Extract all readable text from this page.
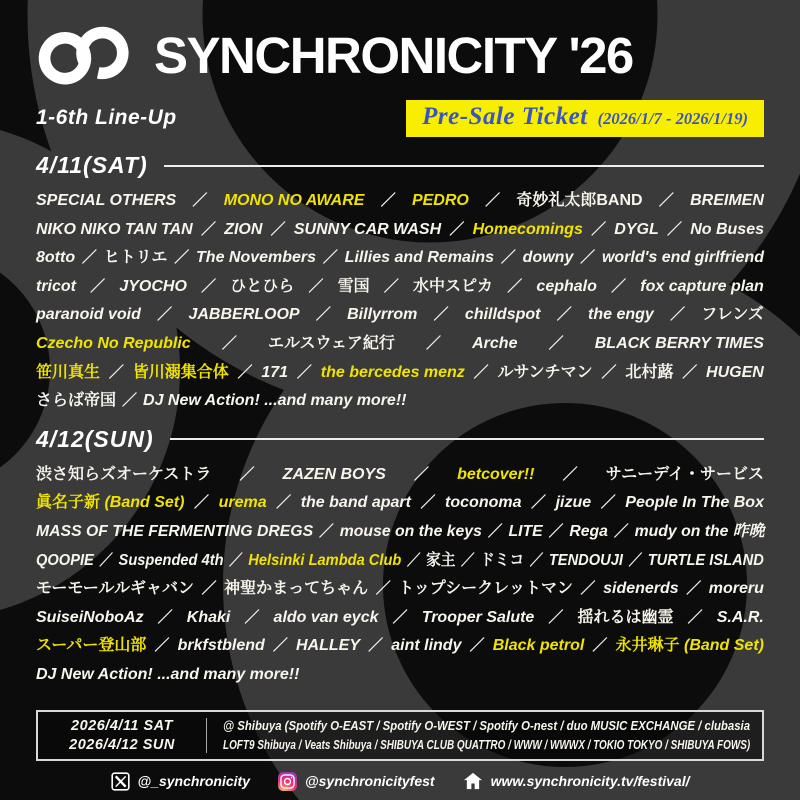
SYNCHRONICITY '26
1-6th Line-Up	Pre-Sale Ticket (2026/1/7 - 2026/1/19)
4/11(SAT)
SPECIAL OTHERS	／	MONO NO AWARE	／	PEDRO	／	奇妙礼太郎BAND	／	BREIMEN
NIKO NIKO TAN TAN ／ ZION ／ SUNNY CAR WASH ／ Homecomings ／ DYGL ／ No Buses
8otto ／ ヒトリエ ／ The Novembers ／ Lillies and Remains ／ downy ／ world's end girlfriend
tricot ／ JYOCHO ／ ひとひら ／ 雪国 ／ 水中スピカ ／ cephalo ／ fox capture plan
paranoid void	／	JABBERLOOP	／	Billyrrom	／	chilldspot	／	the engy	／	フレンズ
Czecho No Republic	／	エルスウェア紀行	／	Arche	／	BLACK BERRY TIMES
笹川真生 ／ 皆川溺集合体 ／ 171 ／ the bercedes menz ／ ルサンチマン ／ 北村蕗 ／ HUGEN
さらば帝国 ／ DJ New Action! ...and many more!!
4/12(SUN)
渋さ知らズオーケストラ	／	ZAZEN BOYS	／	betcover!!	／	サニーデイ・サービス
眞名子新 (Band Set) ／ urema ／ the band apart ／ toconoma ／ jizue ／ People In The Box
MASS OF THE FERMENTING DREGS ／ mouse on the keys ／ LITE ／ Rega ／ mudy on the 昨晩
QOOPIE ／ Suspended 4th ／ Helsinki Lambda Club ／ 家主 ／ ドミコ ／ TENDOUJI ／ TURTLE ISLAND
モーモールルギャバン ／ 神聖かまってちゃん ／ トップシークレットマン ／ sidenerds ／ moreru
SuiseiNoboAz ／ Khaki ／ aldo van eyck ／ Trooper Salute ／ 揺れるは幽霊 ／ S.A.R.
スーパー登山部 ／ brkfstblend ／ HALLEY ／ aint lindy ／ Black petrol ／ 永井琳子 (Band Set)
DJ New Action! ...and many more!!
2026/4/11 SAT
2026/4/12 SUN
@ Shibuya (Spotify O-EAST / Spotify O-WEST / Spotify O-nest / duo MUSIC EXCHANGE / clubasia
LOFT9 Shibuya / Veats Shibuya / SHIBUYA CLUB QUATTRO / WWW / WWWX / TOKIO TOKYO / SHIBUYA FOWS)
@_synchronicity	@synchronicityfest	www.synchronicity.tv/festival/
